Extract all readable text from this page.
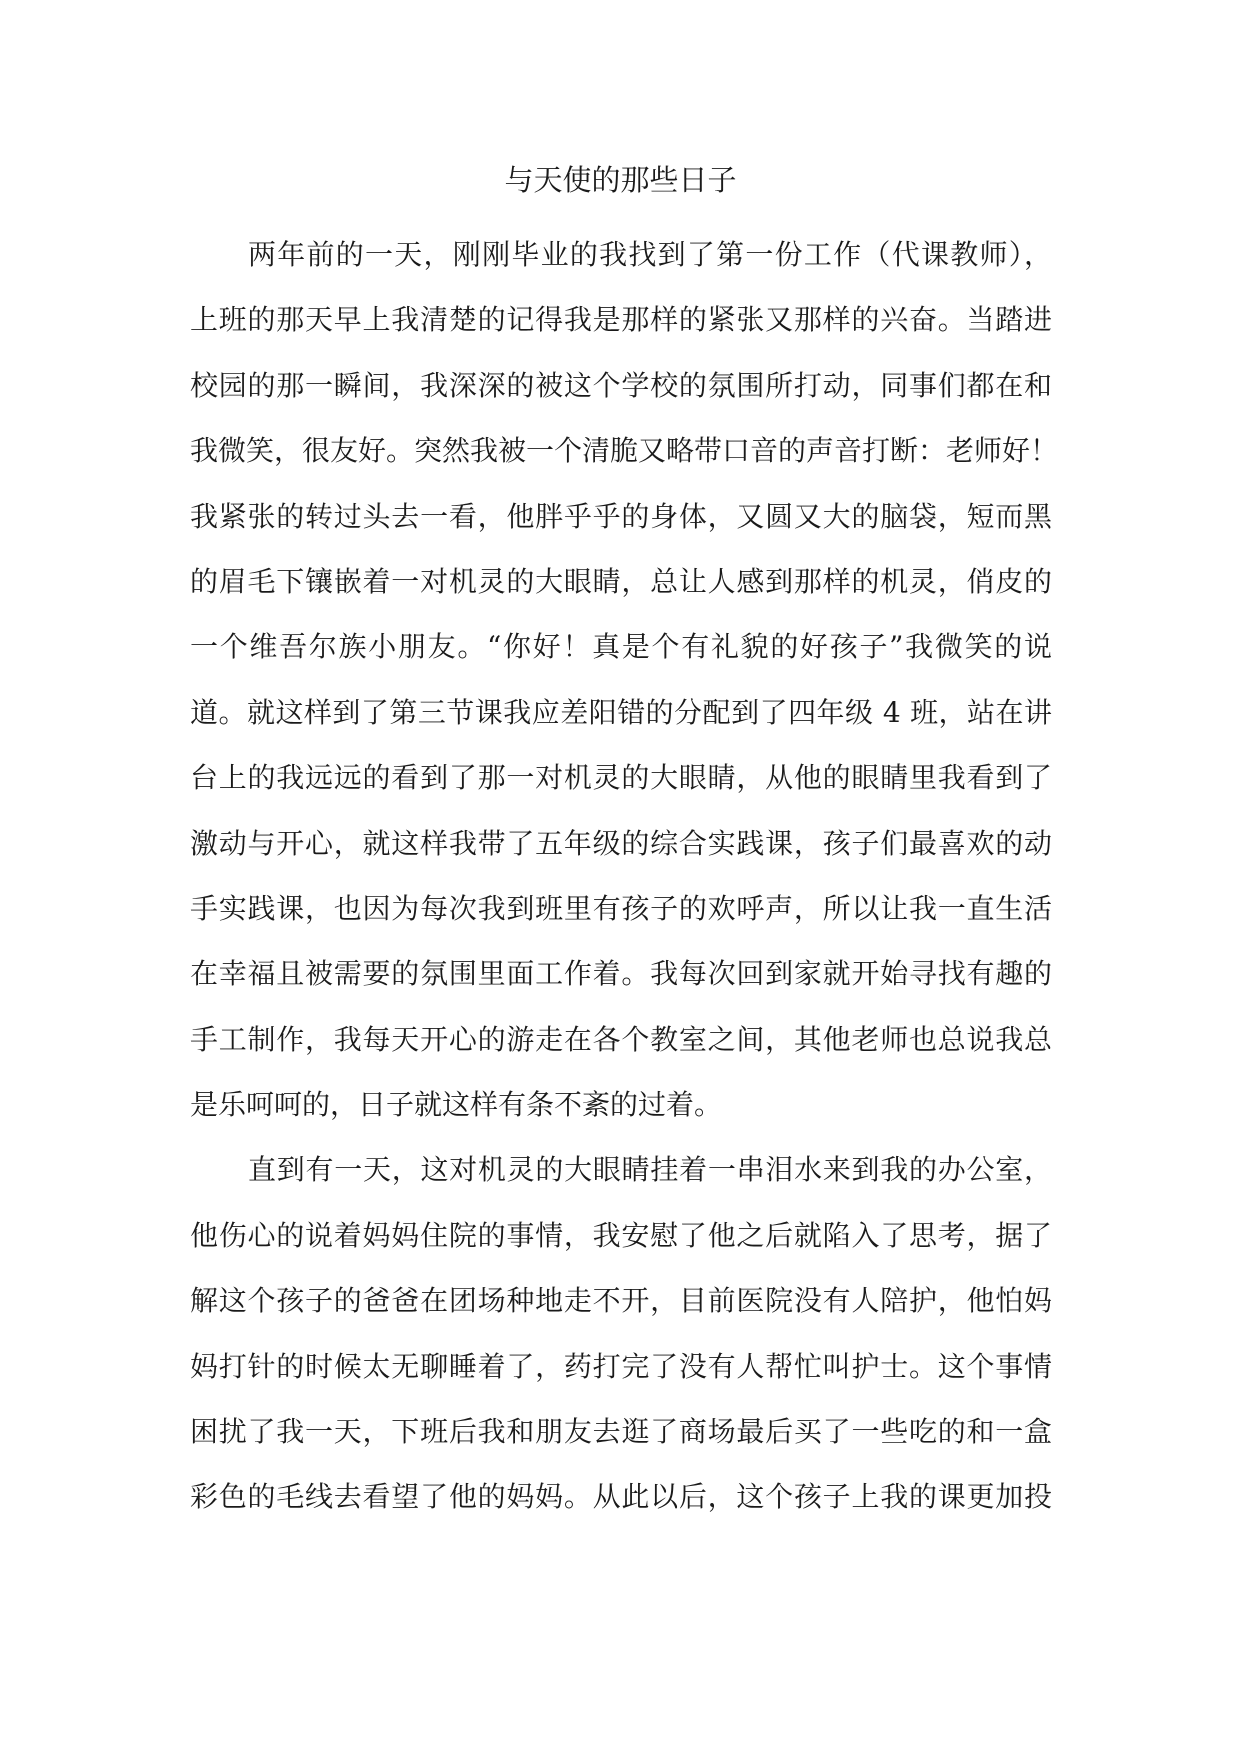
与天使的那些日子
两年前的一天，刚刚毕业的我找到了第一份工作（代课教师），
上班的那天早上我清楚的记得我是那样的紧张又那样的兴奋。当踏进
校园的那一瞬间，我深深的被这个学校的氛围所打动，同事们都在和
我微笑，很友好。突然我被一个清脆又略带口音的声音打断：老师好！
我紧张的转过头去一看，他胖乎乎的身体，又圆又大的脑袋，短而黑
的眉毛下镶嵌着一对机灵的大眼睛，总让人感到那样的机灵，俏皮的
一个维吾尔族小朋友。“你好！真是个有礼貌的好孩子”我微笑的说
道。就这样到了第三节课我应差阳错的分配到了四年级 4 班，站在讲
台上的我远远的看到了那一对机灵的大眼睛，从他的眼睛里我看到了
激动与开心，就这样我带了五年级的综合实践课，孩子们最喜欢的动
手实践课，也因为每次我到班里有孩子的欢呼声，所以让我一直生活
在幸福且被需要的氛围里面工作着。我每次回到家就开始寻找有趣的
手工制作，我每天开心的游走在各个教室之间，其他老师也总说我总
是乐呵呵的，日子就这样有条不紊的过着。
直到有一天，这对机灵的大眼睛挂着一串泪水来到我的办公室，
他伤心的说着妈妈住院的事情，我安慰了他之后就陷入了思考，据了
解这个孩子的爸爸在团场种地走不开，目前医院没有人陪护，他怕妈
妈打针的时候太无聊睡着了，药打完了没有人帮忙叫护士。这个事情
困扰了我一天，下班后我和朋友去逛了商场最后买了一些吃的和一盒
彩色的毛线去看望了他的妈妈。从此以后，这个孩子上我的课更加投
